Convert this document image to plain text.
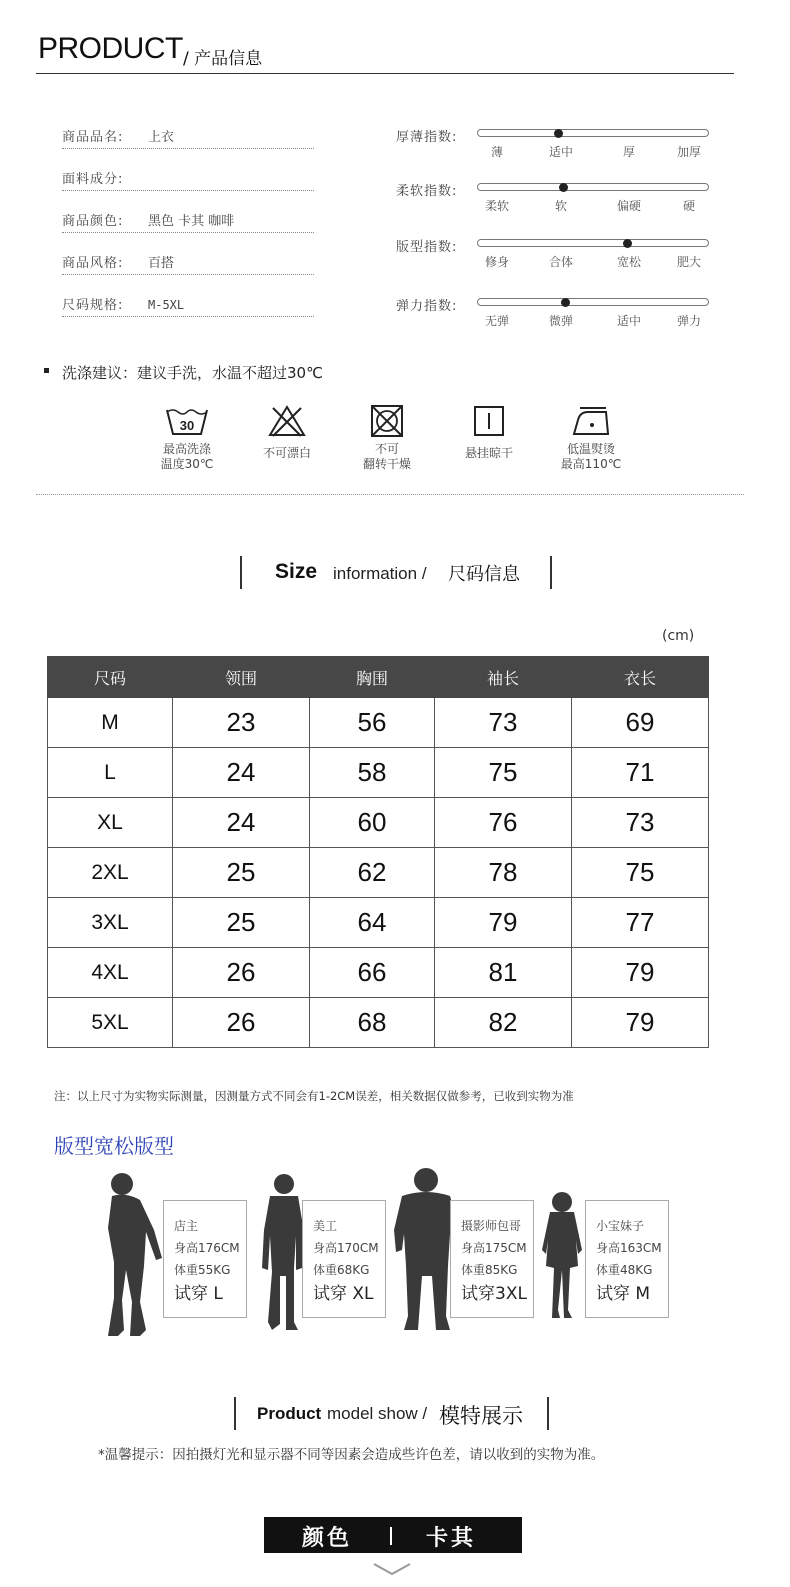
PRODUCT / 产品信息
商品品名: 上衣
面料成分:
商品颜色: 黑色 卡其 咖啡
商品风格: 百搭
尺码规格: M-5XL
厚薄指数:
薄	适中	厚	加厚
柔软指数:
柔软	软	偏硬	硬
版型指数:
修身	合体	宽松	肥大
弹力指数:
无弹	微弹	适中	弹力
洗涤建议：建议手洗，水温不超过30℃
30
最高洗涤
温度30℃
不可漂白	不可
翻转干燥
悬挂晾干	低温熨烫
最高110℃
Size information / 尺码信息
(cm)
尺码	领围	胸围	袖长	衣长
M	23	56	73	69
L	24	58	75	71
XL	24	60	76	73
2XL	25	62	78	75
3XL	25	64	79	77
4XL	26	66	81	79
5XL	26	68	82	79
注：以上尺寸为实物实际测量，因测量方式不同会有1-2CM误差，相关数据仅做参考，已收到实物为准
版型宽松版型
店主
身高176CM
体重55KG
试穿 L
美工
身高170CM
体重68KG
试穿 XL
摄影师包哥
身高175CM
体重85KG
试穿3XL
小宝妹子
身高163CM
体重48KG
试穿 M
Product model show / 模特展示
*温馨提示：因拍摄灯光和显示器不同等因素会造成些许色差，请以收到的实物为准。
颜色	卡其
